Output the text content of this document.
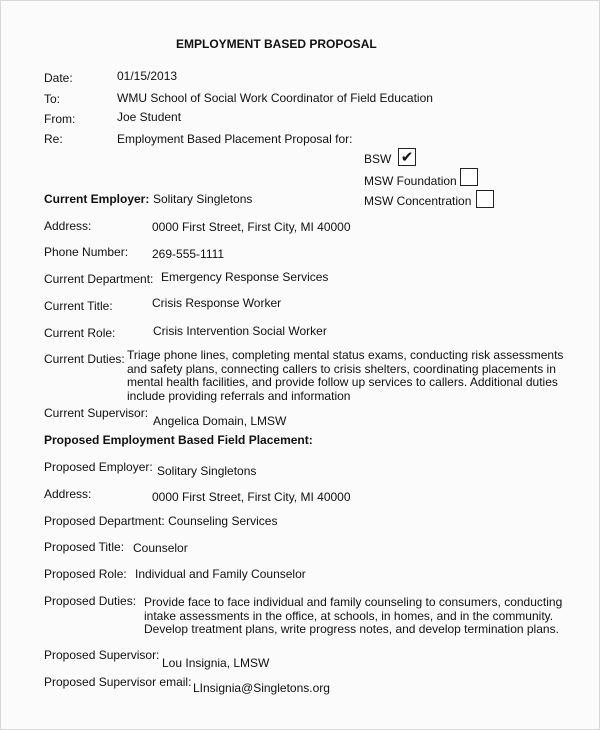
EMPLOYMENT BASED PROPOSAL
Date:	01/15/2013
To:	WMU School of Social Work Coordinator of Field Education
From:	Joe Student
Re:	Employment Based Placement Proposal for:
BSW ✔
MSW Foundation
MSW Concentration
Current Employer: Solitary Singletons
Address:	0000 First Street, First City, MI 40000
Phone Number: 269-555-1111
Current Department: Emergency Response Services
Current Title:	Crisis Response Worker
Current Role:	Crisis Intervention Social Worker
Current Duties: Triage phone lines, completing mental status exams, conducting risk assessments
and safety plans, connecting callers to crisis shelters, coordinating placements in
mental health facilities, and provide follow up services to callers. Additional duties
include providing referrals and information
Current Supervisor:
Angelica Domain, LMSW
Proposed Employment Based Field Placement:
Proposed Employer: Solitary Singletons
Address:	0000 First Street, First City, MI 40000
Proposed Department: Counseling Services
Proposed Title: Counselor
Proposed Role: Individual and Family Counselor
Proposed Duties: Provide face to face individual and family counseling to consumers, conducting
intake assessments in the office, at schools, in homes, and in the community.
Develop treatment plans, write progress notes, and develop termination plans.
Proposed Supervisor:
Lou Insignia, LMSW
Proposed Supervisor email: LInsignia@Singletons.org
